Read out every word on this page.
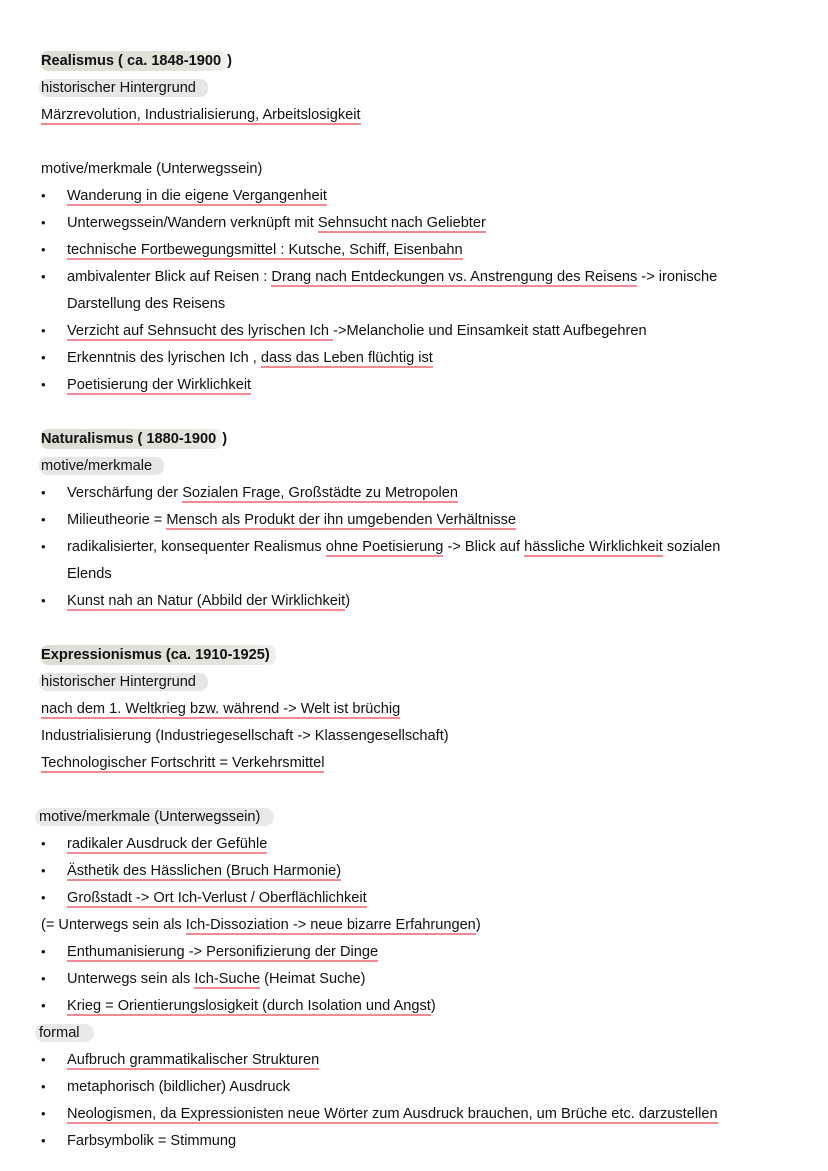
Realismus ( ca. 1848-1900 )
historischer Hintergrund
Märzrevolution, Industrialisierung, Arbeitslosigkeit
motive/merkmale (Unterwegssein)
•	Wanderung in die eigene Vergangenheit
•	Unterwegssein/Wandern verknüpft mit Sehnsucht nach Geliebter
•	technische Fortbewegungsmittel : Kutsche, Schiff, Eisenbahn
•	ambivalenter Blick auf Reisen : Drang nach Entdeckungen vs. Anstrengung des Reisens -> ironische
Darstellung des Reisens
•	Verzicht auf Sehnsucht des lyrischen Ich ->Melancholie und Einsamkeit statt Aufbegehren
•	Erkenntnis des lyrischen Ich , dass das Leben flüchtig ist
•	Poetisierung der Wirklichkeit
Naturalismus ( 1880-1900 )
motive/merkmale
•	Verschärfung der Sozialen Frage, Großstädte zu Metropolen
•	Milieutheorie = Mensch als Produkt der ihn umgebenden Verhältnisse
•	radikalisierter, konsequenter Realismus ohne Poetisierung -> Blick auf hässliche Wirklichkeit sozialen
Elends
•	Kunst nah an Natur (Abbild der Wirklichkeit)
Expressionismus (ca. 1910-1925)
historischer Hintergrund
nach dem 1. Weltkrieg bzw. während -> Welt ist brüchig
Industrialisierung (Industriegesellschaft -> Klassengesellschaft)
Technologischer Fortschritt = Verkehrsmittel
motive/merkmale (Unterwegssein)
•	radikaler Ausdruck der Gefühle
•	Ästhetik des Hässlichen (Bruch Harmonie)
•	Großstadt -> Ort Ich-Verlust / Oberflächlichkeit
(= Unterwegs sein als Ich-Dissoziation -> neue bizarre Erfahrungen)
•	Enthumanisierung -> Personifizierung der Dinge
•	Unterwegs sein als Ich-Suche (Heimat Suche)
•	Krieg = Orientierungslosigkeit (durch Isolation und Angst)
formal
•	Aufbruch grammatikalischer Strukturen
•	metaphorisch (bildlicher) Ausdruck
•	Neologismen, da Expressionisten neue Wörter zum Ausdruck brauchen, um Brüche etc. darzustellen
•	Farbsymbolik = Stimmung
